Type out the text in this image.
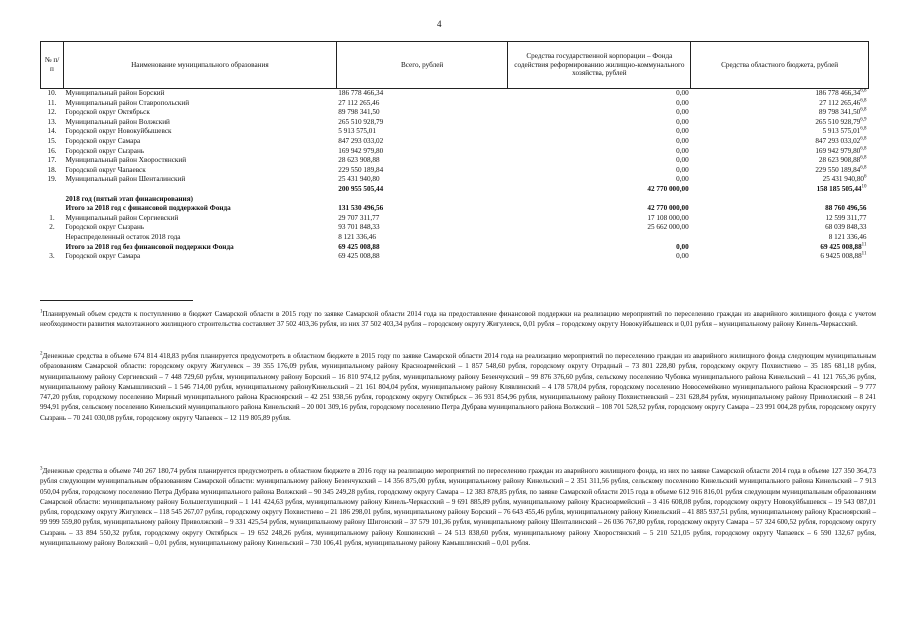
4
№ п/п	Наименование муниципального образования	Всего, рублей	Средства государственной корпорации – Фонда содействия реформированию жилищно-коммунального хозяйства, рублей	Средства областного бюджета, рублей
10.	Муниципальный район Борский	186 778 466,34	0,00	186 778 466,34$^{6,8}$
11.	Муниципальный район Ставропольский	27 112 265,46	0,00	27 112 265,46$^{6,8}$
12.	Городской округ Октябрьск	89 798 341,50	0,00	89 798 341,50$^{6,8}$
13.	Муниципальный район Волжский	265 510 928,79	0,00	265 510 928,79$^{6,9}$
14.	Городской округ Новокуйбышевск	5 913 575,01	0,00	5 913 575,01$^{6,8}$
15.	Городской округ Самара	847 293 033,02	0,00	847 293 033,02$^{6,8}$
16.	Городской округ Сызрань	169 942 979,80	0,00	169 942 979,80$^{6,8}$
17.	Муниципальный район Хворостянский	28 623 908,88	0,00	28 623 908,88$^{6,8}$
18.	Городской округ Чапаевск	229 550 189,84	0,00	229 550 189,84$^{6,8}$
19.	Муниципальный район Шенталинский	25 431 940,80	0,00	25 431 940,80$^6$
		200 955 505,44	42 770 000,00	158 185 505,44$^{10}$
	2018 год (пятый этап финансирования)			
	Итого за 2018 год с финансовой поддержкой Фонда	131 530 496,56	42 770 000,00	88 760 496,56
1.	Муниципальный район Сергиевский	29 707 311,77	17 108 000,00	12 599 311,77
2.	Городской округ Сызрань	93 701 848,33	25 662 000,00	68 039 848,33
	Нераспределенный остаток 2018 года	8 121 336,46		8 121 336,46
	Итого за 2018 год без финансовой поддержки Фонда	69 425 008,88	0,00	69 425 008,88$^{11}$
3.	Городской округ Самара	69 425 008,88	0,00	6 9425 008,88$^{11}$

$^1$Планируемый объем средств к поступлению в бюджет Самарской области в 2015 году по заявке Самарской области 2014 года на предоставление финансовой поддержки на реализацию мероприятий по переселению граждан из аварийного жилищного фонда с учетом необходимости развития малоэтажного жилищного строительства составляет 37 502 403,36 рубля, из них 37 502 403,34 рубля – городскому округу Жигулевск, 0,01 рубля – городскому округу Новокуйбышевск и 0,01 рубля – муниципальному району Кинель-Черкасский.

$^2$Денежные средства в объеме 674 814 418,83 рубля планируется предусмотреть в областном бюджете в 2015 году по заявке Самарской области 2014 года на реализацию мероприятий по переселению граждан из аварийного жилищного фонда следующим муниципальным образованиям Самарской области: городскому округу Жигулевск – 39 355 176,09 рубля, муниципальному району Красноармейский – 1 857 548,60 рубля, городскому округу Отрадный – 73 801 228,80 рубля, городскому округу Похвистнево – 35 185 681,18 рубля, муниципальному району Сергиевский – 7 448 729,60 рубля, муниципальному району Борский – 16 810 974,12 рубля, муниципальному району Безенчукский – 99 876 376,60 рубля, сельскому поселению Чубовка муниципального района Кинельский – 41 121 765,36 рубля, муниципальному району Камышлинский – 1 546 714,00 рубля, муниципальному районуКинельский – 21 161 804,04 рубля, муниципальному району Клявлинский – 4 178 578,04 рубля, городскому поселению Новосемейкино муниципального района Красноярский – 9 777 747,20 рубля, городскому поселению Мирный муниципального района Красноярский – 42 251 938,56 рубля, городскому округу Октябрьск – 36 931 854,96 рубля, муниципальному району Похвистневский – 231 628,84 рубля, муниципальному району Приволжский – 8 241 994,91 рубля, сельскому поселению Кинельский муниципального района Кинельский – 20 001 309,16 рубля, городскому поселению Петра Дубрава муниципального района Волжский – 108 701 528,52 рубля, городскому округу Самара – 23 991 004,28 рубля, городскому округу Сызрань – 70 241 030,08 рубля, городскому округу Чапаевск – 12 119 805,89 рубля.

$^3$Денежные средства в объеме 740 267 180,74 рубля планируется предусмотреть в областном бюджете в 2016 году на реализацию мероприятий по переселению граждан из аварийного жилищного фонда, из них по заявке Самарской области 2014 года в объеме 127 350 364,73 рубля следующим муниципальным образованиям Самарской области: муниципальному району Безенчукский – 14 356 875,00 рубля, муниципальному району Кинельский – 2 351 311,56 рубля, сельскому поселению Кинельский муниципального района Кинельский – 7 913 050,04 рубля, городскому поселению Петра Дубрава муниципального района Волжский – 90 345 249,28 рубля, городскому округу Самара – 12 383 878,85 рубля, по заявке Самарской области 2015 года в объеме 612 916 816,01 рубля следующим муниципальным образованиям Самарской области: муниципальному району Большеглушицкий – 1 141 424,63 рубля, муниципальному району Кинель-Черкасский – 9 691 885,89 рубля, муниципальному району Красноармейский – 3 416 608,08 рубля, городскому округу Новокуйбышевск – 19 543 087,01 рубля, городскому округу Жигулевск – 118 545 267,07 рубля, городскому округу Похвистнево – 21 186 298,01 рубля, муниципальному району Борский – 76 643 455,46 рубля, муниципальному району Кинельский – 41 885 937,51 рубля, муниципальному району Красноярский – 99 999 559,80 рубля, муниципальному району Приволжский – 9 331 425,54 рубля, муниципальному району Шигонский – 37 579 101,36 рубля, муниципальному району Шенталинский – 26 036 767,80 рубля, городскому округу Самара – 57 324 600,52 рубля, городскому округу Сызрань – 33 894 550,32 рубля, городскому округу Октябрьск – 19 652 248,26 рубля, муниципальному району Кошкинский – 24 513 838,60 рубля, муниципальному району Хворостянский – 5 210 521,05 рубля, городскому округу Чапаевск – 6 590 132,67 рубля, муниципальному району Волжский – 0,01 рубля, муниципальному району Кинельский – 730 106,41 рубля, муниципальному району Камышлинский – 0,01 рубля.
